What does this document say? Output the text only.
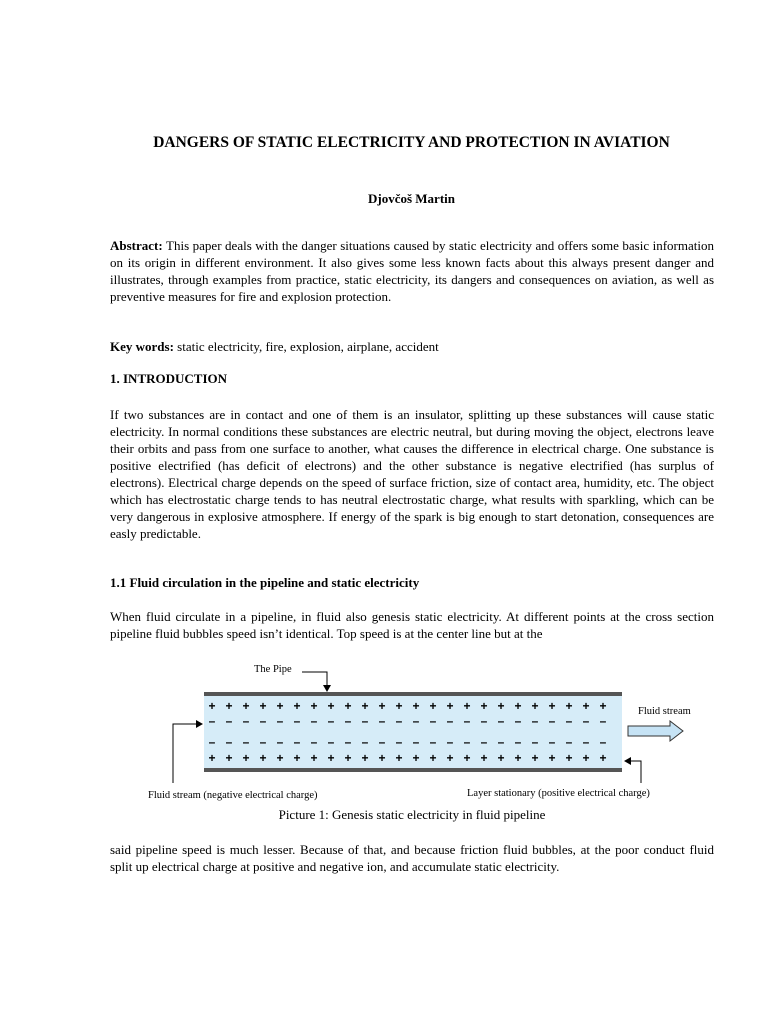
DANGERS OF STATIC ELECTRICITY AND PROTECTION IN AVIATION
Djovčoš Martin

Abstract: This paper deals with the danger situations caused by static electricity and offers some basic information on its origin in different environment. It also gives some less known facts about this always present danger and illustrates, through examples from practice, static electricity, its dangers and consequences on aviation, as well as preventive measures for fire and explosion protection.

Key words: static electricity, fire, explosion, airplane, accident

1. INTRODUCTION

If two substances are in contact and one of them is an insulator, splitting up these substances will cause static electricity. In normal conditions these substances are electric neutral, but during moving the object, electrons leave their orbits and pass from one surface to another, what causes the difference in electrical charge. One substance is positive electrified (has deficit of electrons) and the other substance is negative electrified (has surplus of electrons). Electrical charge depends on the speed of surface friction, size of contact area, humidity, etc. The object which has electrostatic charge tends to has neutral electrostatic charge, what results with sparkling, which can be very dangerous in explosive atmosphere. If energy of the spark is big enough to start detonation, consequences are easly predictable.

1.1 Fluid circulation in the pipeline and static electricity

When fluid circulate in a pipeline, in fluid also genesis static electricity. At different points at the cross section pipeline fluid bubbles speed isn’t identical. Top speed is at the center line but at the

+ + + + + + + + + + + + + + + + + + + + + + + +
– – – – – – – – – – – – – – – – – – – – – – – –
– – – – – – – – – – – – – – – – – – – – – – – –
+ + + + + + + + + + + + + + + + + + + + + + + +
The Pipe
Fluid stream
Fluid stream (negative electrical charge)	Layer stationary (positive electrical charge)
Picture 1: Genesis static electricity in fluid pipeline

said pipeline speed is much lesser. Because of that, and because friction fluid bubbles, at the poor conduct fluid split up electrical charge at positive and negative ion, and accumulate static electricity.
